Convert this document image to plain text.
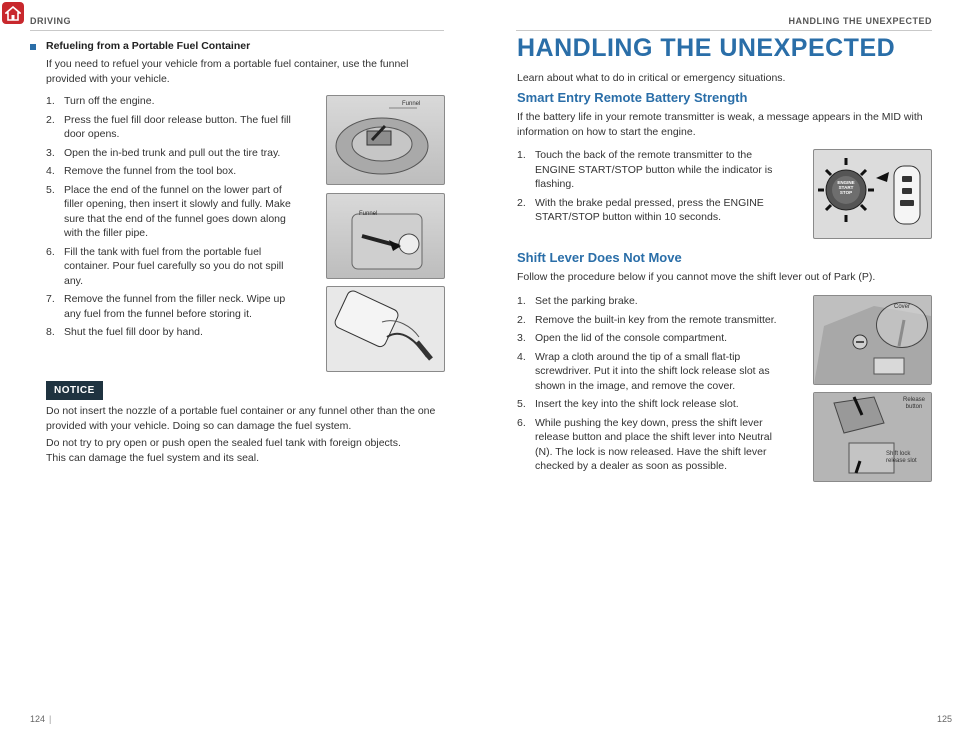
DRIVING	HANDLING THE UNEXPECTED
Refueling from a Portable Fuel Container
If you need to refuel your vehicle from a portable fuel container, use the funnel provided with your vehicle.
1. Turn off the engine.
2. Press the fuel fill door release button. The fuel fill door opens.
3. Open the in-bed trunk and pull out the tire tray.
4. Remove the funnel from the tool box.
5. Place the end of the funnel on the lower part of filler opening, then insert it slowly and fully. Make sure that the end of the funnel goes down along with the filler pipe.
6. Fill the tank with fuel from the portable fuel container. Pour fuel carefully so you do not spill any.
7. Remove the funnel from the filler neck. Wipe up any fuel from the funnel before storing it.
8. Shut the fuel fill door by hand.
Funnel
Funnel
NOTICE
Do not insert the nozzle of a portable fuel container or any funnel other than the one provided with your vehicle. Doing so can damage the fuel system.
Do not try to pry open or push open the sealed fuel tank with foreign objects. This can damage the fuel system and its seal.
124 |
HANDLING THE UNEXPECTED
Learn about what to do in critical or emergency situations.
Smart Entry Remote Battery Strength
If the battery life in your remote transmitter is weak, a message appears in the MID with information on how to start the engine.
1. Touch the back of the remote transmitter to the ENGINE START/STOP button while the indicator is flashing.
2. With the brake pedal pressed, press the ENGINE START/STOP button within 10 seconds.
ENGINE START STOP
Shift Lever Does Not Move
Follow the procedure below if you cannot move the shift lever out of Park (P).
1. Set the parking brake.
2. Remove the built-in key from the remote transmitter.
3. Open the lid of the console compartment.
4. Wrap a cloth around the tip of a small flat-tip screwdriver. Put it into the shift lock release slot as shown in the image, and remove the cover.
5. Insert the key into the shift lock release slot.
6. While pushing the key down, press the shift lever release button and place the shift lever into Neutral (N). The lock is now released. Have the shift lever checked by a dealer as soon as possible.
Cover
Release button
Shift lock release slot
125
